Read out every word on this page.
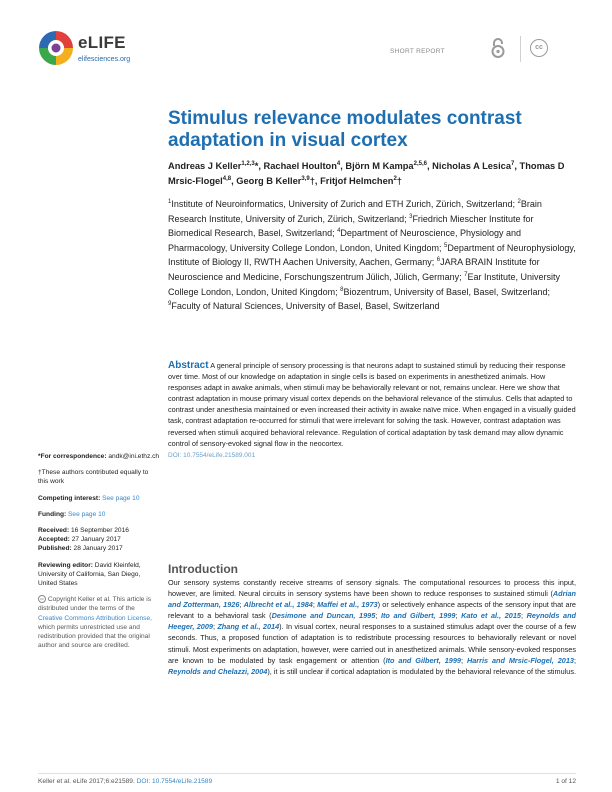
eLIFE
elifesciences.org
SHORT REPORT
cc
Stimulus relevance modulates contrast adaptation in visual cortex
Andreas J Keller$^{1,2,3}$*, Rachael Houlton$^4$, Björn M Kampa$^{2,5,6}$, Nicholas A Lesica$^7$, Thomas D Mrsic-Flogel$^{4,8}$, Georg B Keller$^{3,9}$†, Fritjof Helmchen$^2$†
$^1$Institute of Neuroinformatics, University of Zurich and ETH Zurich, Zürich, Switzerland; $^2$Brain Research Institute, University of Zurich, Zürich, Switzerland; $^3$Friedrich Miescher Institute for Biomedical Research, Basel, Switzerland; $^4$Department of Neuroscience, Physiology and Pharmacology, University College London, London, United Kingdom; $^5$Department of Neurophysiology, Institute of Biology II, RWTH Aachen University, Aachen, Germany; $^6$JARA BRAIN Institute for Neuroscience and Medicine, Forschungszentrum Jülich, Jülich, Germany; $^7$Ear Institute, University College London, London, United Kingdom; $^8$Biozentrum, University of Basel, Basel, Switzerland; $^9$Faculty of Natural Sciences, University of Basel, Basel, Switzerland
Abstract A general principle of sensory processing is that neurons adapt to sustained stimuli by reducing their response over time. Most of our knowledge on adaptation in single cells is based on experiments in anesthetized animals. How responses adapt in awake animals, when stimuli may be behaviorally relevant or not, remains unclear. Here we show that contrast adaptation in mouse primary visual cortex depends on the behavioral relevance of the stimulus. Cells that adapted to contrast under anesthesia maintained or even increased their activity in awake naïve mice. When engaged in a visually guided task, contrast adaptation re-occurred for stimuli that were irrelevant for solving the task. However, contrast adaptation was reversed when stimuli acquired behavioral relevance. Regulation of cortical adaptation by task demand may allow dynamic control of sensory-evoked signal flow in the neocortex.
DOI: 10.7554/eLife.21589.001
*For correspondence: andk@ini.ethz.ch
†These authors contributed equally to this work
Competing interest: See page 10
Funding: See page 10
Received: 16 September 2016
Accepted: 27 January 2017
Published: 28 January 2017
Reviewing editor: David Kleinfeld, University of California, San Diego, United States
cc Copyright Keller et al. This article is distributed under the terms of the Creative Commons Attribution License, which permits unrestricted use and redistribution provided that the original author and source are credited.
Introduction

Our sensory systems constantly receive streams of sensory signals. The computational resources to process this input, however, are limited. Neural circuits in sensory systems have been shown to reduce responses to sustained stimuli (Adrian and Zotterman, 1926; Albrecht et al., 1984; Maffei et al., 1973) or selectively enhance aspects of the sensory input that are relevant to a behavioral task (Desimone and Duncan, 1995; Ito and Gilbert, 1999; Kato et al., 2015; Reynolds and Heeger, 2009; Zhang et al., 2014). In visual cortex, neural responses to a sustained stimulus adapt over the course of a few seconds. Thus, a proposed function of adaptation is to redistribute processing resources to behaviorally relevant or novel stimuli. Most experiments on adaptation, however, were carried out in anesthetized animals. While sensory-evoked responses are known to be modulated by task engagement or attention (Ito and Gilbert, 1999; Harris and Mrsic-Flogel, 2013; Reynolds and Chelazzi, 2004), it is still unclear if cortical adaptation is modulated by the behavioral relevance of the stimulus.

Keller et al. eLife 2017;6:e21589. DOI: 10.7554/eLife.21589	1 of 12
